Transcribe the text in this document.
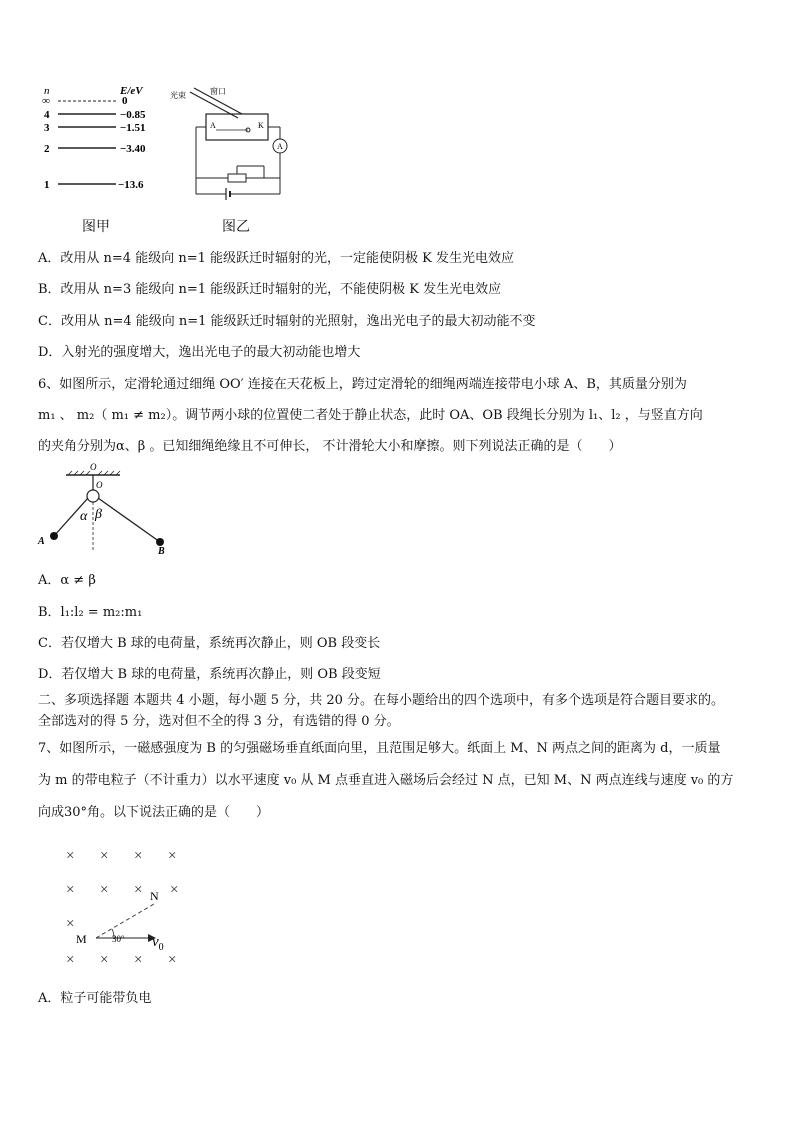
n	E/eV
∞	0
4	−0.85
3	−1.51
2	−3.40
1	−13.6
光束	窗口
A	K
A
图甲	图乙
A．改用从 n=4 能级向 n=1 能级跃迁时辐射的光，一定能使阴极 K 发生光电效应
B．改用从 n=3 能级向 n=1 能级跃迁时辐射的光，不能使阴极 K 发生光电效应
C．改用从 n=4 能级向 n=1 能级跃迁时辐射的光照射，逸出光电子的最大初动能不变
D．入射光的强度增大，逸出光电子的最大初动能也增大
6、如图所示，定滑轮通过细绳 OO′ 连接在天花板上，跨过定滑轮的细绳两端连接带电小球 A、B，其质量分别为
m₁ 、 m₂（ m₁ ≠ m₂）。调节两小球的位置使二者处于静止状态，此时 OA、OB 段绳长分别为 l₁、l₂ ，与竖直方向
的夹角分别为α、β 。已知细绳绝缘且不可伸长， 不计滑轮大小和摩擦。则下列说法正确的是（　　）
O
O
α β
A
B
A．α ≠ β
B．l₁:l₂ = m₂:m₁
C．若仅增大 B 球的电荷量，系统再次静止，则 OB 段变长
D．若仅增大 B 球的电荷量，系统再次静止，则 OB 段变短
二、多项选择题 本题共 4 小题，每小题 5 分，共 20 分。在每小题给出的四个选项中，有多个选项是符合题目要求的。
全部选对的得 5 分，选对但不全的得 3 分，有选错的得 0 分。
7、如图所示，一磁感强度为 B 的匀强磁场垂直纸面向里，且范围足够大。纸面上 M、N 两点之间的距离为 d，一质量
为 m 的带电粒子（不计重力）以水平速度 v₀ 从 M 点垂直进入磁场后会经过 N 点，已知 M、N 两点连线与速度 v₀ 的方
向成30°角。以下说法正确的是（　　）
× × × ×
× × × ×
×
× × × ×
M
N
30° $v_0$
A．粒子可能带负电
